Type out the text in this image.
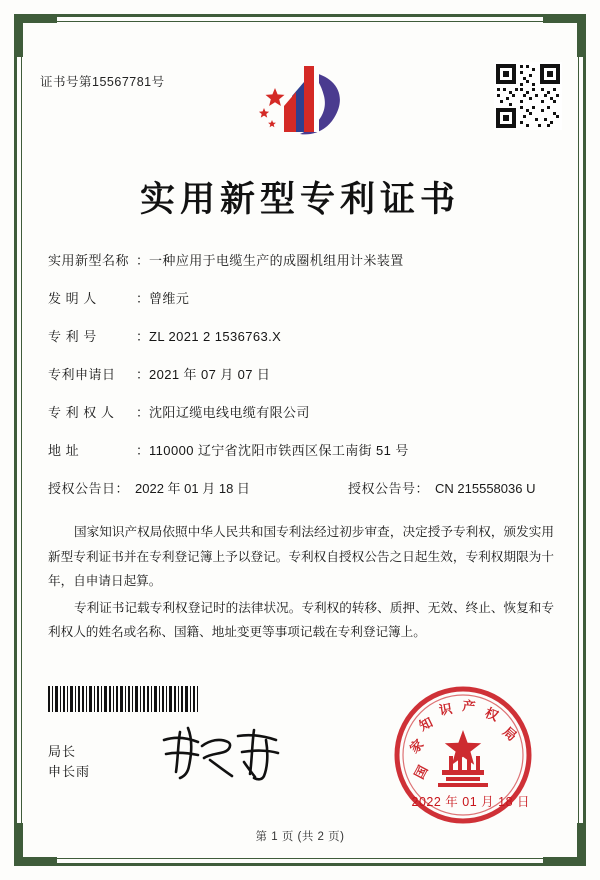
证书号第15567781号
实用新型专利证书
实用新型名称 ： 一种应用于电缆生产的成圈机组用计米装置
发 明 人	： 曾维元
专 利 号	： ZL 2021 2 1536763.X
专利申请日	： 2021 年 07 月 07 日
专 利 权 人	： 沈阳辽缆电线电缆有限公司
地 址	： 110000 辽宁省沈阳市铁西区保工南街 51 号
授权公告日： 2022 年 01 月 18 日	授权公告号： CN 215558036 U

国家知识产权局依照中华人民共和国专利法经过初步审查，决定授予专利权，颁发实用新型专利证书并在专利登记簿上予以登记。专利权自授权公告之日起生效，专利权期限为十年，自申请日起算。

专利证书记载专利权登记时的法律状况。专利权的转移、质押、无效、终止、恢复和专利权人的姓名或名称、国籍、地址变更等事项记载在专利登记簿上。

局长
申长雨	国
家
知
识 产 权
局
2022 年 01 月 18 日
第 1 页 (共 2 页)
